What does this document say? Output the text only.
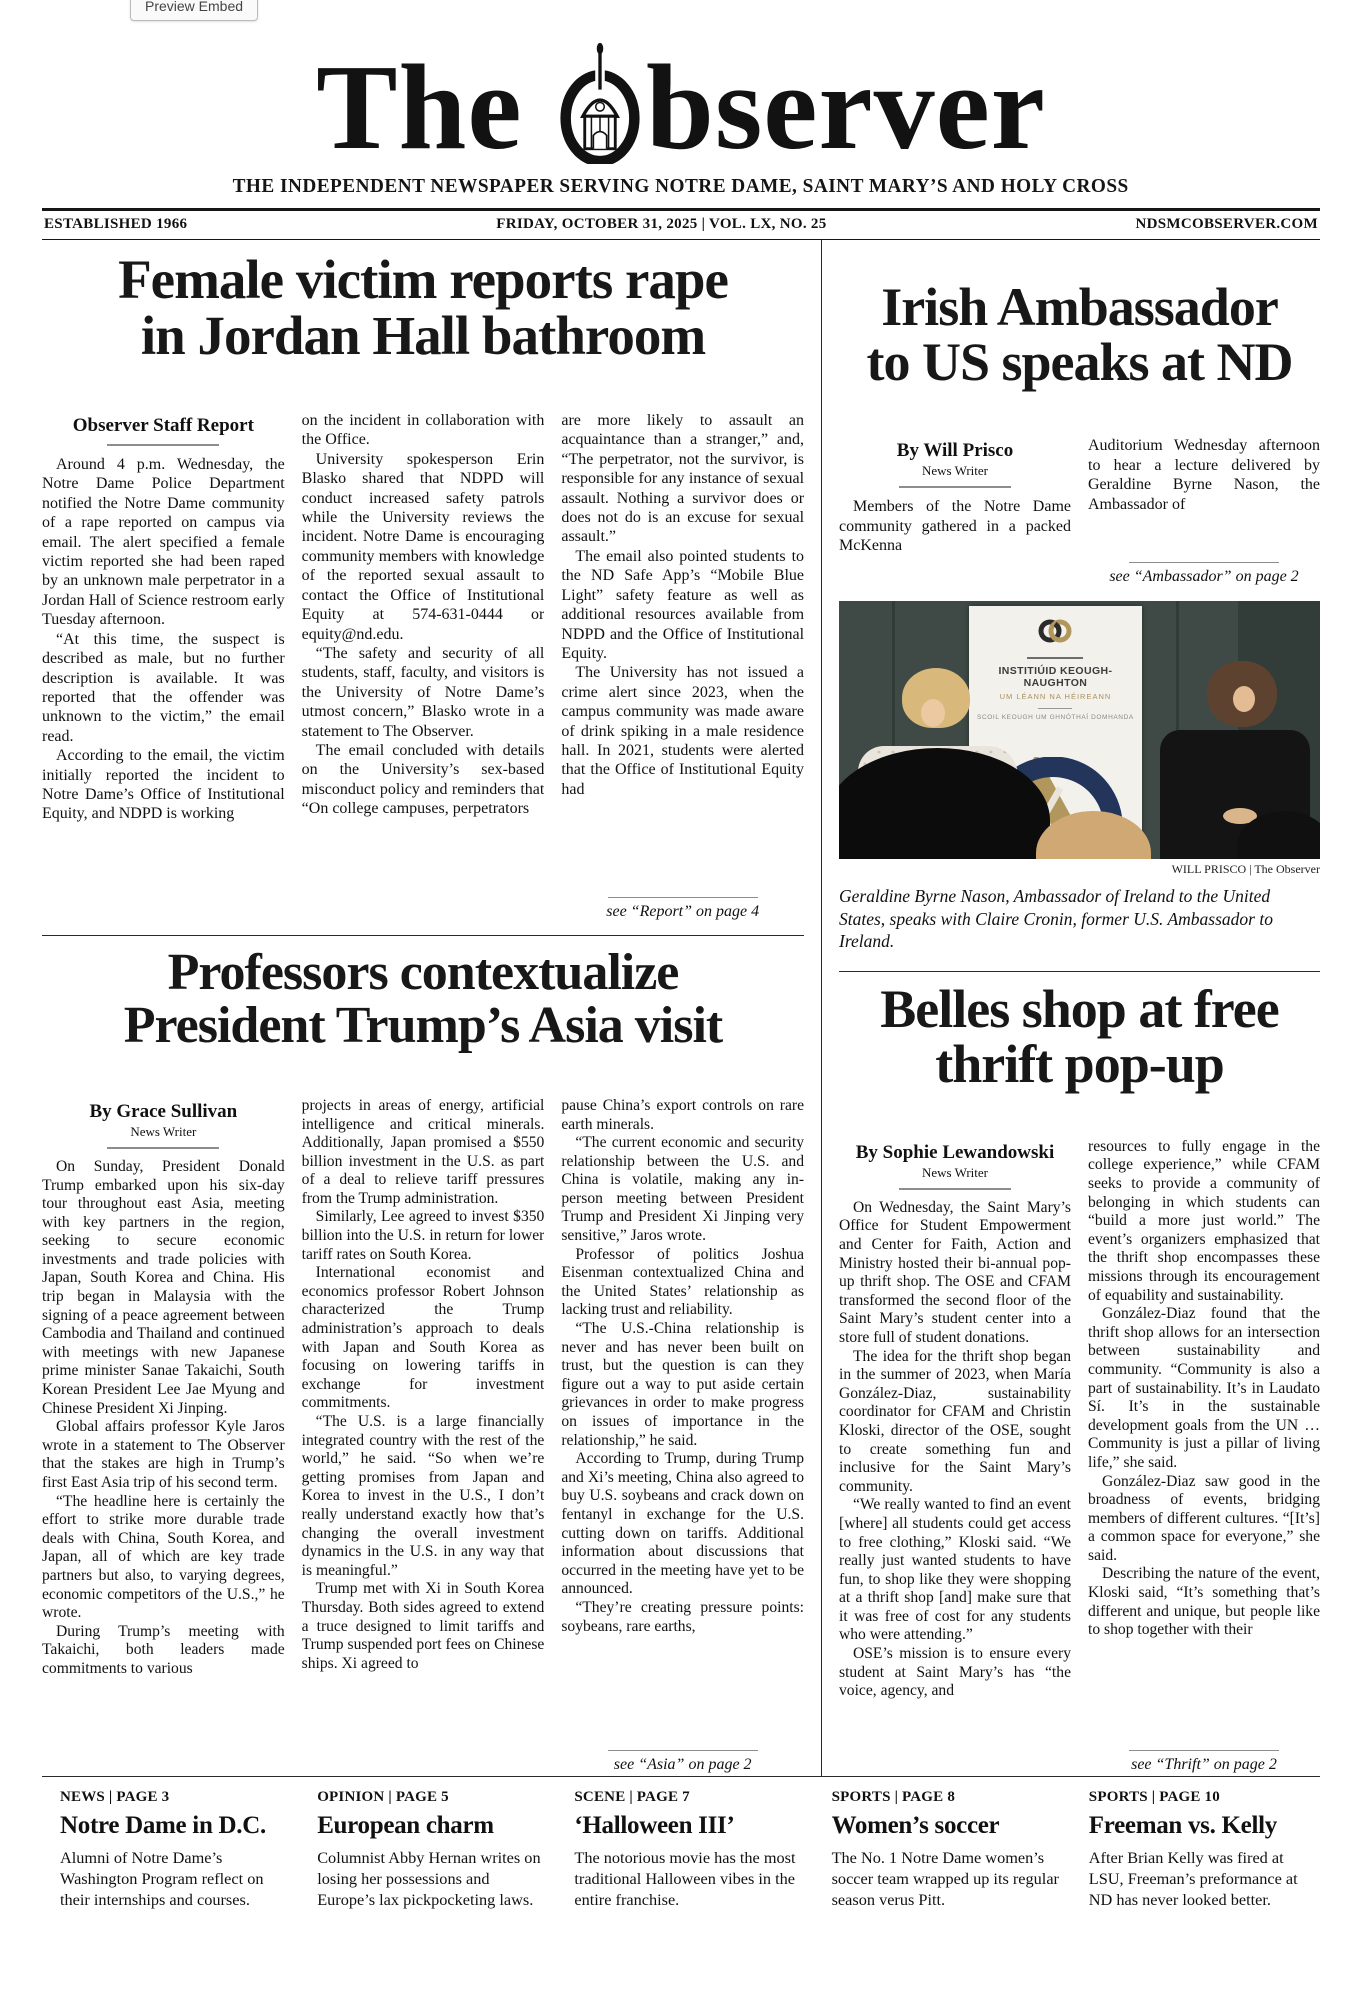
Preview Embed
The bserver
THE INDEPENDENT NEWSPAPER SERVING NOTRE DAME, SAINT MARY’S AND HOLY CROSS
ESTABLISHED 1966	FRIDAY, OCTOBER 31, 2025 | VOL. LX, NO. 25	NDSMCOBSERVER.COM
Female victim reports rape
in Jordan Hall bathroom
Observer Staff Report

Around 4 p.m. Wednesday, the Notre Dame Police Department notified the Notre Dame community of a rape reported on campus via email. The alert specified a female victim reported she had been raped by an unknown male perpetrator in a Jordan Hall of Science restroom early Tuesday afternoon.

“At this time, the suspect is described as male, but no further description is available. It was reported that the offender was unknown to the victim,” the email read.

According to the email, the victim initially reported the incident to Notre Dame’s Office of Institutional Equity, and NDPD is working

on the incident in collaboration with the Office.

University spokesperson Erin Blasko shared that NDPD will conduct increased safety patrols while the University reviews the incident. Notre Dame is encouraging community members with knowledge of the reported sexual assault to contact the Office of Institutional Equity at 574-631-0444 or equity@nd.edu.

“The safety and security of all students, staff, faculty, and visitors is the University of Notre Dame’s utmost concern,” Blasko wrote in a statement to The Observer.

The email concluded with details on the University’s sex-based misconduct policy and reminders that “On college campuses, perpetrators

are more likely to assault an acquaintance than a stranger,” and, “The perpetrator, not the survivor, is responsible for any instance of sexual assault. Nothing a survivor does or does not do is an excuse for sexual assault.”

The email also pointed students to the ND Safe App’s “Mobile Blue Light” safety feature as well as additional resources available from NDPD and the Office of Institutional Equity.

The University has not issued a crime alert since 2023, when the campus community was made aware of drink spiking in a male residence hall. In 2021, students were alerted that the Office of Institutional Equity had

see “Report” on page 4
Professors contextualize
President Trump’s Asia visit
By Grace Sullivan
News Writer

On Sunday, President Donald Trump embarked upon his six-day tour throughout east Asia, meeting with key partners in the region, seeking to secure economic investments and trade policies with Japan, South Korea and China. His trip began in Malaysia with the signing of a peace agreement between Cambodia and Thailand and continued with meetings with new Japanese prime minister Sanae Takaichi, South Korean President Lee Jae Myung and Chinese President Xi Jinping.

Global affairs professor Kyle Jaros wrote in a statement to The Observer that the stakes are high in Trump’s first East Asia trip of his second term.

“The headline here is certainly the effort to strike more durable trade deals with China, South Korea, and Japan, all of which are key trade partners but also, to varying degrees, economic competitors of the U.S.,” he wrote.

During Trump’s meeting with Takaichi, both leaders made commitments to various

projects in areas of energy, artificial intelligence and critical minerals. Additionally, Japan promised a $550 billion investment in the U.S. as part of a deal to relieve tariff pressures from the Trump administration.

Similarly, Lee agreed to invest $350 billion into the U.S. in return for lower tariff rates on South Korea.

International economist and economics professor Robert Johnson characterized the Trump administration’s approach to deals with Japan and South Korea as focusing on lowering tariffs in exchange for investment commitments.

“The U.S. is a large financially integrated country with the rest of the world,” he said. “So when we’re getting promises from Japan and Korea to invest in the U.S., I don’t really understand exactly how that’s changing the overall investment dynamics in the U.S. in any way that is meaningful.”

Trump met with Xi in South Korea Thursday. Both sides agreed to extend a truce designed to limit tariffs and Trump suspended port fees on Chinese ships. Xi agreed to

pause China’s export controls on rare earth minerals.

“The current economic and security relationship between the U.S. and China is volatile, making any in-person meeting between President Trump and President Xi Jinping very sensitive,” Jaros wrote.

Professor of politics Joshua Eisenman contextualized China and the United States’ relationship as lacking trust and reliability.

“The U.S.-China relationship is never and has never been built on trust, but the question is can they figure out a way to put aside certain grievances in order to make progress on issues of importance in the relationship,” he said.

According to Trump, during Trump and Xi’s meeting, China also agreed to buy U.S. soybeans and crack down on fentanyl in exchange for the U.S. cutting down on tariffs. Additional information about discussions that occurred in the meeting have yet to be announced.

“They’re creating pressure points: soybeans, rare earths,

see “Asia” on page 2
Irish Ambassador
to US speaks at ND
By Will Prisco
News Writer

Members of the Notre Dame community gathered in a packed McKenna

Auditorium Wednesday afternoon to hear a lecture delivered by Geraldine Byrne Nason, the Ambassador of

see “Ambassador” on page 2
INSTITIÚID KEOUGH-NAUGHTON
UM LÉANN NA HÉIREANN
SCOIL KEOUGH UM GHNÓTHAÍ DOMHANDA
WILL PRISCO | The Observer
Geraldine Byrne Nason, Ambassador of Ireland to the United States, speaks with Claire Cronin, former U.S. Ambassador to Ireland.
Belles shop at free
thrift pop-up
By Sophie Lewandowski
News Writer

On Wednesday, the Saint Mary’s Office for Student Empowerment and Center for Faith, Action and Ministry hosted their bi-annual pop-up thrift shop. The OSE and CFAM transformed the second floor of the Saint Mary’s student center into a store full of student donations.

The idea for the thrift shop began in the summer of 2023, when María González-Diaz, sustainability coordinator for CFAM and Christin Kloski, director of the OSE, sought to create something fun and inclusive for the Saint Mary’s community.

“We really wanted to find an event [where] all students could get access to free clothing,” Kloski said. “We really just wanted students to have fun, to shop like they were shopping at a thrift shop [and] make sure that it was free of cost for any students who were attending.”

OSE’s mission is to ensure every student at Saint Mary’s has “the voice, agency, and

resources to fully engage in the college experience,” while CFAM seeks to provide a community of belonging in which students can “build a more just world.” The event’s organizers emphasized that the thrift shop encompasses these missions through its encouragement of equability and sustainability.

González-Diaz found that the thrift shop allows for an intersection between sustainability and community. “Community is also a part of sustainability. It’s in Laudato Sí. It’s in the sustainable development goals from the UN … Community is just a pillar of living life,” she said.

González-Diaz saw good in the broadness of events, bridging members of different cultures. “[It’s] a common space for everyone,” she said.

Describing the nature of the event, Kloski said, “It’s something that’s different and unique, but people like to shop together with their

see “Thrift” on page 2
NEWS | PAGE 3
Notre Dame in D.C.
Alumni of Notre Dame’s Washington Program reflect on their internships and courses.
OPINION | PAGE 5
European charm
Columnist Abby Hernan writes on losing her possessions and Europe’s lax pickpocketing laws.
SCENE | PAGE 7
‘Halloween III’
The notorious movie has the most traditional Halloween vibes in the entire franchise.
SPORTS | PAGE 8
Women’s soccer
The No. 1 Notre Dame women’s soccer team wrapped up its regular season verus Pitt.
SPORTS | PAGE 10
Freeman vs. Kelly
After Brian Kelly was fired at LSU, Freeman’s preformance at ND has never looked better.
